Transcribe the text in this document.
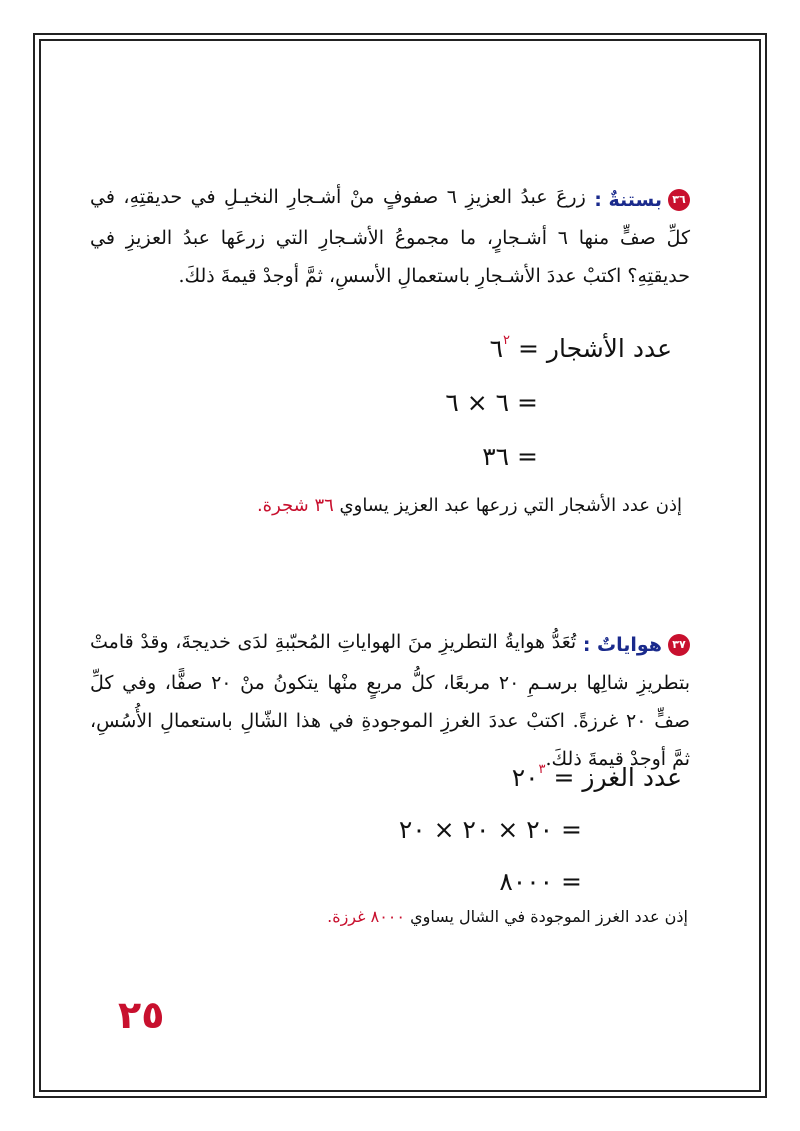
٣٦
بستنةٌ :
زرعَ عبدُ العزيزِ ٦ صفوفٍ منْ أشـجارِ النخيـلِ في حديقتِهِ، في كلِّ صفٍّ منها ٦ أشـجارٍ، ما مجموعُ الأشـجارِ التي زرعَها عبدُ العزيزِ في حديقتِهِ؟ اكتبْ عددَ الأشـجارِ باستعمالِ الأسسِ، ثمَّ أوجدْ قيمةَ ذلكَ.
عدد الأشجار = $٦^٢$
= ٦ × ٦
= ٣٦
إذن عدد الأشجار التي زرعها عبد العزيز يساوي ٣٦ شجرة.
٣٧
هواياتٌ :
تُعَدُّ هوايةُ التطريزِ منَ الهواياتِ المُحبّبةِ لدَى خديجةَ، وقدْ قامتْ بتطريزِ شالِها برسـمِ ٢٠ مربعًا، كلُّ مربعٍ منْها يتكونُ منْ ٢٠ صفًّا، وفي كلِّ صفٍّ ٢٠ غرزةً. اكتبْ عددَ الغرزِ الموجودةِ في هذا الشّالِ باستعمالِ الأُسُسِ، ثمَّ أوجدْ قيمةَ ذلكَ.
عدد الغرز = $٢٠^٣$
= ٢٠ × ٢٠ × ٢٠
= ٨٠٠٠
إذن عدد الغرز الموجودة في الشال يساوي ٨٠٠٠ غرزة.
٢٥
